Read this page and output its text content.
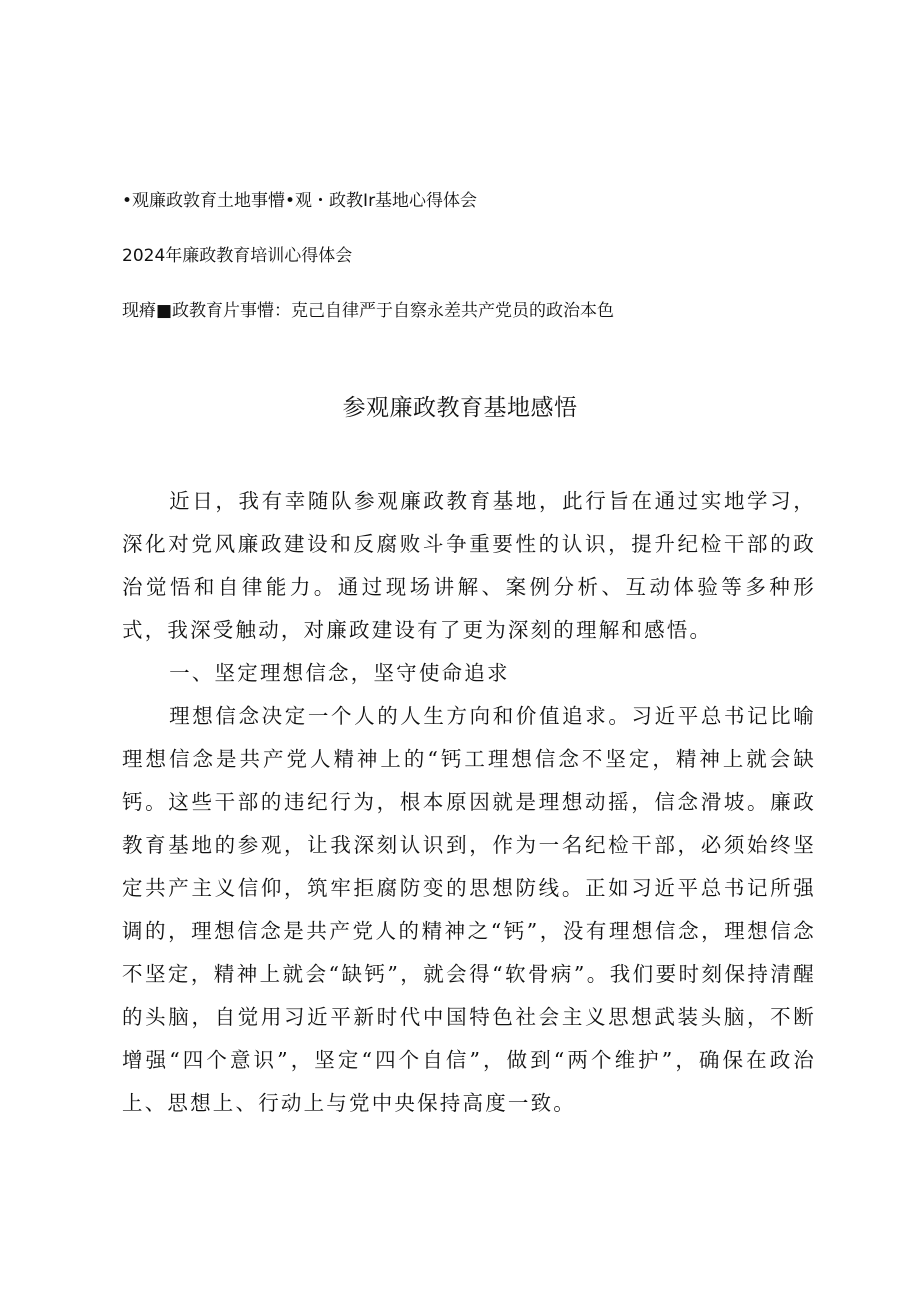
•观廉政敦育土地事懵•观・政教Ir基地心得体会
2024年廉政教育培训心得体会
现瘠■政教育片事懵：克己自律严于自察永差共产党员的政治本色
参观廉政教育基地感悟

近日，我有幸随队参观廉政教育基地，此行旨在通过实地学习，深化对党风廉政建设和反腐败斗争重要性的认识，提升纪检干部的政治觉悟和自律能力。通过现场讲解、案例分析、互动体验等多种形式，我深受触动，对廉政建设有了更为深刻的理解和感悟。

一、坚定理想信念，坚守使命追求

理想信念决定一个人的人生方向和价值追求。习近平总书记比喻理想信念是共产党人精神上的“钙工理想信念不坚定，精神上就会缺钙。这些干部的违纪行为，根本原因就是理想动摇，信念滑坡。廉政教育基地的参观，让我深刻认识到，作为一名纪检干部，必须始终坚定共产主义信仰，筑牢拒腐防变的思想防线。正如习近平总书记所强调的，理想信念是共产党人的精神之“钙”，没有理想信念，理想信念不坚定，精神上就会“缺钙”，就会得“软骨病”。我们要时刻保持清醒的头脑，自觉用习近平新时代中国特色社会主义思想武装头脑，不断增强“四个意识”，坚定“四个自信”，做到“两个维护”，确保在政治上、思想上、行动上与党中央保持高度一致。
